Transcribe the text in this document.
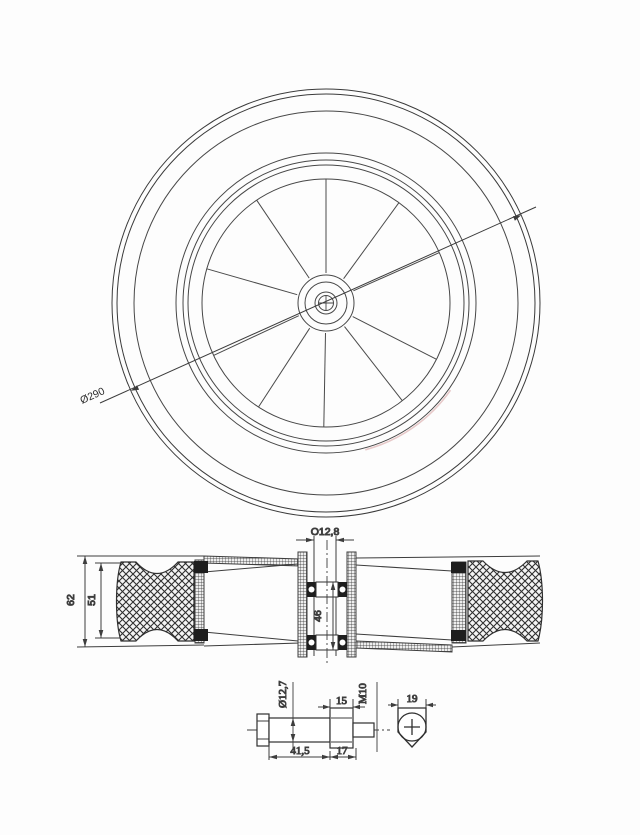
Ø290
62 51
O12,8
46
Ø12,7	15 M10
41,5 17
19
